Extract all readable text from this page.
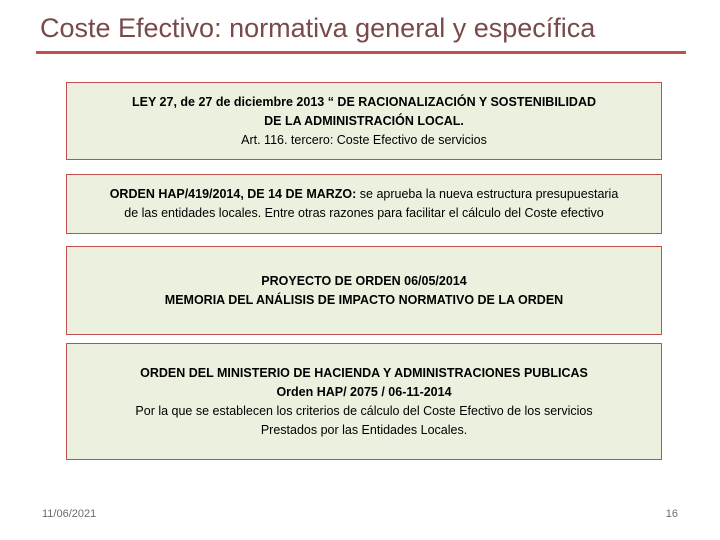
Coste Efectivo: normativa general y específica
LEY 27, de 27 de diciembre 2013 “ DE RACIONALIZACIÓN Y SOSTENIBILIDAD
DE LA ADMINISTRACIÓN LOCAL.
Art. 116. tercero: Coste Efectivo de servicios
ORDEN HAP/419/2014, DE 14 DE MARZO: se aprueba la nueva estructura presupuestaria
de las entidades locales. Entre otras razones para facilitar el cálculo del Coste efectivo
PROYECTO DE ORDEN 06/05/2014
MEMORIA DEL ANÁLISIS DE IMPACTO NORMATIVO DE LA ORDEN
ORDEN DEL MINISTERIO DE HACIENDA Y ADMINISTRACIONES PUBLICAS
Orden HAP/ 2075 / 06-11-2014
Por la que se establecen los criterios de cálculo del Coste Efectivo de los servicios
Prestados por las Entidades Locales.
11/06/2021	16
